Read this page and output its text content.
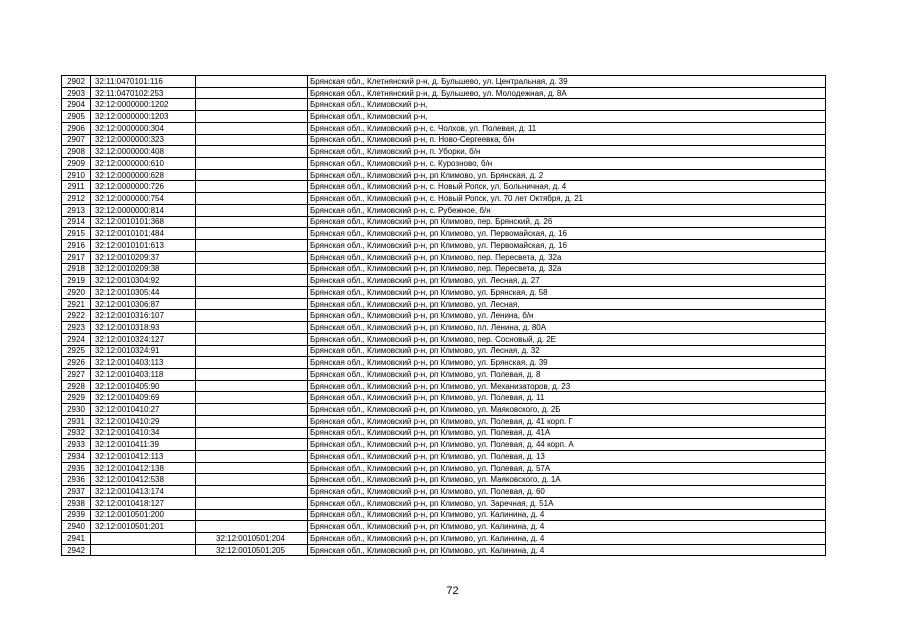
2902	32:11:0470101:116		Брянская обл., Клетнянский р-н, д. Бульшево, ул. Центральная, д. 39
2903	32:11:0470102:253		Брянская обл., Клетнянский р-н, д. Бульшево, ул. Молодежная, д. 8А
2904	32:12:0000000:1202		Брянская обл., Климовский р-н,
2905	32:12:0000000:1203		Брянская обл., Климовский р-н,
2906	32:12:0000000:304		Брянская обл., Климовский р-н, с. Чолхов, ул. Полевая, д. 11
2907	32:12:0000000:323		Брянская обл., Климовский р-н, п. Ново-Сергеевка, б/н
2908	32:12:0000000:408		Брянская обл., Климовский р-н, п. Уборки, б/н
2909	32:12:0000000:610		Брянская обл., Климовский р-н, с. Курозново, б/н
2910	32:12:0000000:628		Брянская обл., Климовский р-н, рп Климово, ул. Брянская, д. 2
2911	32:12:0000000:726		Брянская обл., Климовский р-н, с. Новый Ропск, ул. Больничная, д. 4
2912	32:12:0000000:754		Брянская обл., Климовский р-н, с. Новый Ропск, ул. 70 лет Октября, д. 21
2913	32:12:0000000:814		Брянская обл., Климовский р-н, с. Рубежное, б/н
2914	32:12:0010101:368		Брянская обл., Климовский р-н, рп Климово, пер. Брянский, д. 26
2915	32:12:0010101:484		Брянская обл., Климовский р-н, рп Климово, ул. Первомайская, д. 16
2916	32:12:0010101:613		Брянская обл., Климовский р-н, рп Климово, ул. Первомайская, д. 16
2917	32:12:0010209:37		Брянская обл., Климовский р-н, рп Климово, пер. Пересвета, д. 32а
2918	32:12:0010209:38		Брянская обл., Климовский р-н, рп Климово, пер. Пересвета, д. 32а
2919	32:12:0010304:92		Брянская обл., Климовский р-н, рп Климово, ул. Лесная, д. 27
2920	32:12:0010305:44		Брянская обл., Климовский р-н, рп Климово, ул. Брянская, д. 58
2921	32:12:0010306:87		Брянская обл., Климовский р-н, рп Климово, ул. Лесная,
2922	32:12:0010316:107		Брянская обл., Климовский р-н, рп Климово, ул. Ленина, б/н
2923	32:12:0010318:93		Брянская обл., Климовский р-н, рп Климово, пл. Ленина, д. 80А
2924	32:12:0010324:127		Брянская обл., Климовский р-н, рп Климово, пер. Сосновый, д. 2Е
2925	32:12:0010324:91		Брянская обл., Климовский р-н, рп Климово, ул. Лесная, д. 32
2926	32:12:0010403:113		Брянская обл., Климовский р-н, рп Климово, ул. Брянская, д. 39
2927	32:12:0010403:118		Брянская обл., Климовский р-н, рп Климово, ул. Полевая, д. 8
2928	32:12:0010405:90		Брянская обл., Климовский р-н, рп Климово, ул. Механизаторов, д. 23
2929	32:12:0010409:69		Брянская обл., Климовский р-н, рп Климово, ул. Полевая, д. 11
2930	32:12:0010410:27		Брянская обл., Климовский р-н, рп Климово, ул. Маяковского, д. 2Б
2931	32:12:0010410:29		Брянская обл., Климовский р-н, рп Климово, ул. Полевая, д. 41 корп. Г
2932	32:12:0010410:34		Брянская обл., Климовский р-н, рп Климово, ул. Полевая, д. 41А
2933	32:12:0010411:39		Брянская обл., Климовский р-н, рп Климово, ул. Полевая, д. 44 корп. А
2934	32:12:0010412:113		Брянская обл., Климовский р-н, рп Климово, ул. Полевая, д. 13
2935	32:12:0010412:138		Брянская обл., Климовский р-н, рп Климово, ул. Полевая, д. 57А
2936	32:12:0010412:538		Брянская обл., Климовский р-н, рп Климово, ул. Маяковского, д. 1А
2937	32:12:0010413:174		Брянская обл., Климовский р-н, рп Климово, ул. Полевая, д. 60
2938	32:12:0010418:127		Брянская обл., Климовский р-н, рп Климово, ул. Заречная, д. 51А
2939	32:12:0010501:200		Брянская обл., Климовский р-н, рп Климово, ул. Калинина, д. 4
2940	32:12:0010501:201		Брянская обл., Климовский р-н, рп Климово, ул. Калинина, д. 4
2941		32:12:0010501:204	Брянская обл., Климовский р-н, рп Климово, ул. Калинина, д. 4
2942		32:12:0010501:205	Брянская обл., Климовский р-н, рп Климово, ул. Калинина, д. 4
72
